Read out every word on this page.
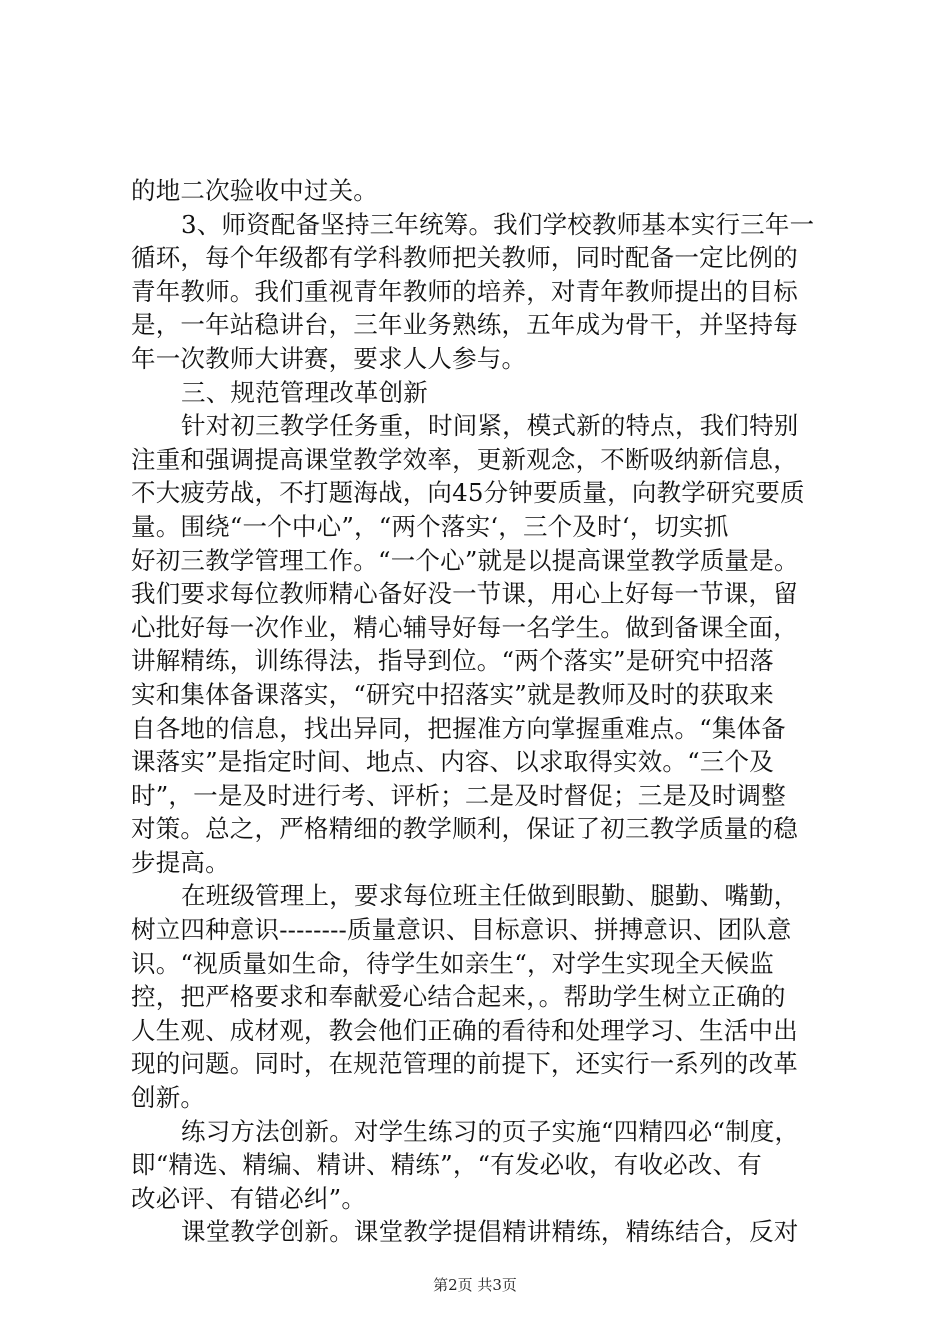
的地二次验收中过关。
3、师资配备坚持三年统筹。我们学校教师基本实行三年一
循环，每个年级都有学科教师把关教师，同时配备一定比例的
青年教师。我们重视青年教师的培养，对青年教师提出的目标
是，一年站稳讲台，三年业务熟练，五年成为骨干，并坚持每
年一次教师大讲赛，要求人人参与。
三、规范管理改革创新
针对初三教学任务重，时间紧，模式新的特点，我们特别
注重和强调提高课堂教学效率，更新观念，不断吸纳新信息，
不大疲劳战，不打题海战，向45分钟要质量，向教学研究要质
量。围绕“一个中心”，“两个落实‘，三个及时‘，切实抓
好初三教学管理工作。“一个心”就是以提高课堂教学质量是。
我们要求每位教师精心备好没一节课，用心上好每一节课，留
心批好每一次作业，精心辅导好每一名学生。做到备课全面，
讲解精练，训练得法，指导到位。“两个落实”是研究中招落
实和集体备课落实，“研究中招落实”就是教师及时的获取来
自各地的信息，找出异同，把握准方向掌握重难点。“集体备
课落实”是指定时间、地点、内容、以求取得实效。“三个及
时”，一是及时进行考、评析；二是及时督促；三是及时调整
对策。总之，严格精细的教学顺利，保证了初三教学质量的稳
步提高。
在班级管理上，要求每位班主任做到眼勤、腿勤、嘴勤，
树立四种意识--------质量意识、目标意识、拼搏意识、团队意
识。“视质量如生命，待学生如亲生“，对学生实现全天候监
控，把严格要求和奉献爱心结合起来，。帮助学生树立正确的
人生观、成材观，教会他们正确的看待和处理学习、生活中出
现的问题。同时，在规范管理的前提下，还实行一系列的改革
创新。
练习方法创新。对学生练习的页子实施“四精四必“制度，
即“精选、精编、精讲、精练”，“有发必收，有收必改、有
改必评、有错必纠”。
课堂教学创新。课堂教学提倡精讲精练，精练结合，反对
第2页 共3页
